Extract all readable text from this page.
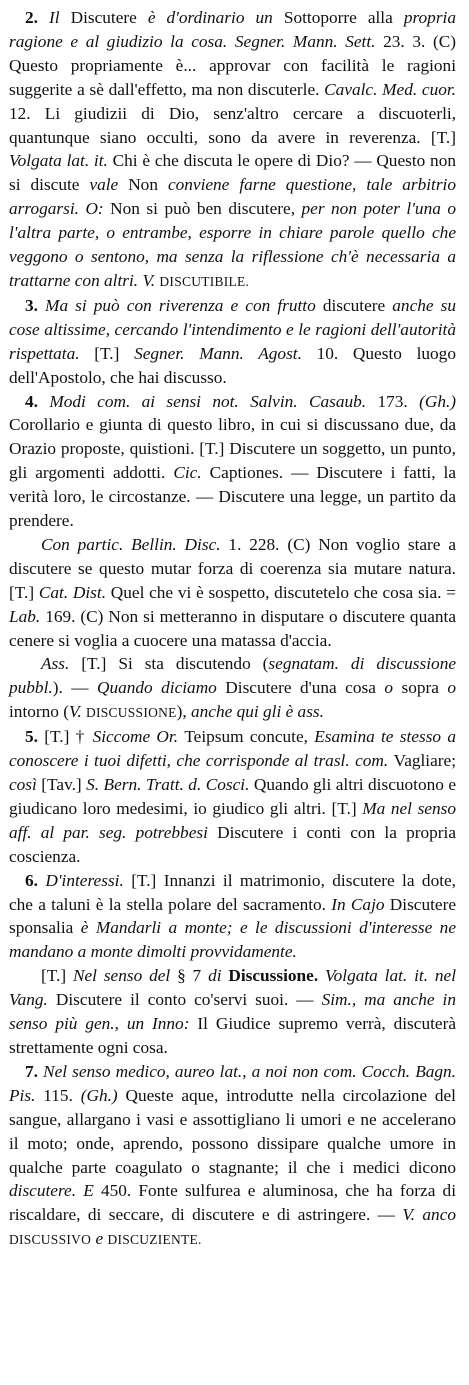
2. Il Discutere è d'ordinario un Sottoporre alla propria ragione e al giudizio la cosa. Segner. Mann. Sett. 23. 3. (C) Questo propriamente è... approvar con facilità le ragioni suggerite a sè dall'effetto, ma non discuterle. Cavalc. Med. cuor. 12. Li giudizii di Dio, senz'altro cercare a discuoterli, quantunque siano occulti, sono da avere in reverenza. [T.] Volgata lat. it. Chi è che discuta le opere di Dio? — Questo non si discute vale Non conviene farne questione, tale arbitrio arrogarsi. O: Non si può ben discutere, per non poter l'una o l'altra parte, o entrambe, esporre in chiare parole quello che veggono o sentono, ma senza la riflessione ch'è necessaria a trattarne con altri. V. DISCUTIBILE.

3. Ma si può con riverenza e con frutto discutere anche su cose altissime, cercando l'intendimento e le ragioni dell'autorità rispettata. [T.] Segner. Mann. Agost. 10. Questo luogo dell'Apostolo, che hai discusso.

4. Modi com. ai sensi not. Salvin. Casaub. 173. (Gh.) Corollario e giunta di questo libro, in cui si discussano due, da Orazio proposte, quistioni. [T.] Discutere un soggetto, un punto, gli argomenti addotti. Cic. Captiones. — Discutere i fatti, la verità loro, le circostanze. — Discutere una legge, un partito da prendere.

Con partic. Bellin. Disc. 1. 228. (C) Non voglio stare a discutere se questo mutar forza di coerenza sia mutare natura. [T.] Cat. Dist. Quel che vi è sospetto, discutetelo che cosa sia. = Lab. 169. (C) Non si metteranno in disputare o discutere quanta cenere si voglia a cuocere una matassa d'accia.

Ass. [T.] Si sta discutendo (segnatam. di discussione pubbl.). — Quando diciamo Discutere d'una cosa o sopra o intorno (V. DISCUSSIONE), anche qui gli è ass.

5. [T.] † Siccome Or. Teipsum concute, Esamina te stesso a conoscere i tuoi difetti, che corrisponde al trasl. com. Vagliare; così [Tav.] S. Bern. Tratt. d. Cosci. Quando gli altri discuotono e giudicano loro medesimi, io giudico gli altri. [T.] Ma nel senso aff. al par. seg. potrebbesi Discutere i conti con la propria coscienza.

6. D'interessi. [T.] Innanzi il matrimonio, discutere la dote, che a taluni è la stella polare del sacramento. In Cajo Discutere sponsalia è Mandarli a monte; e le discussioni d'interesse ne mandano a monte dimolti provvidamente.

[T.] Nel senso del § 7 di Discussione. Volgata lat. it. nel Vang. Discutere il conto co'servi suoi. — Sim., ma anche in senso più gen., un Inno: Il Giudice supremo verrà, discuterà strettamente ogni cosa.

7. Nel senso medico, aureo lat., a noi non com. Cocch. Bagn. Pis. 115. (Gh.) Queste aque, introdutte nella circolazione del sangue, allargano i vasi e assottigliano li umori e ne accelerano il moto; onde, aprendo, possono dissipare qualche umore in qualche parte coagulato o stagnante; il che i medici dicono discutere. E 450. Fonte sulfurea e aluminosa, che ha forza di riscaldare, di seccare, di discutere e di astringere. — V. anco DISCUSSIVO e DISCUZIENTE.
